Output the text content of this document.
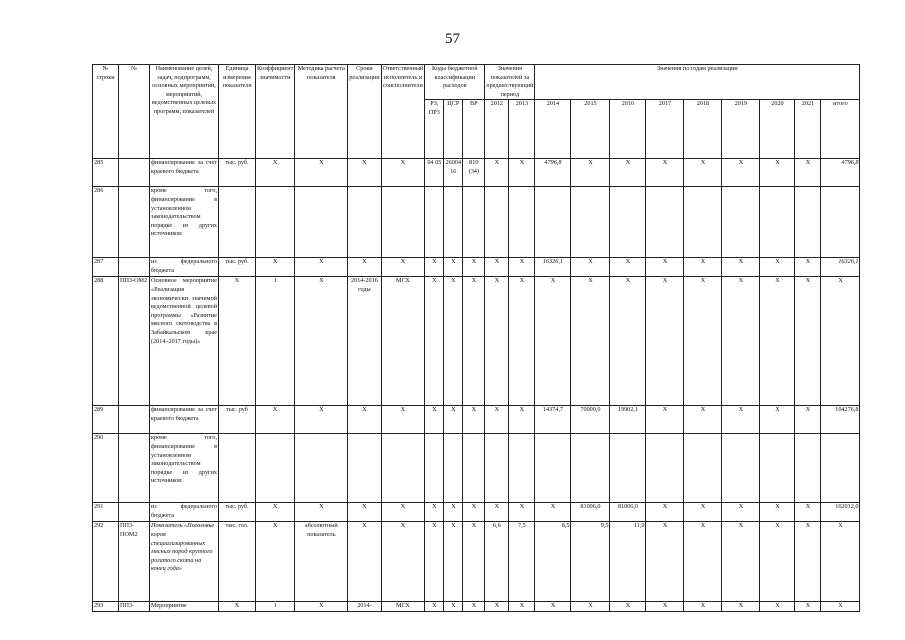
57
№ строки	№	Наименование целей, задач, подпрограмм, основных мероприятий, мероприятий, ведомственных целевых программ, показателей	Единица измерения показателя	Коэффициент значимости	Методика расчета показателя	Сроки реализации	Ответственный исполнитель и соисполнители	Коды бюджетной классификации расходов			Значения показателей за предшествующий период		Значения по годам реализации								
								РЗ, ПР3	ЦСР	ВР	2012	2013	2014	2015	2016	2017	2018	2019	2020	2021	итого
285		финансирование за счет краевого бюджета	тыс. руб.	X	X	X	X	04 05	26004 16	810 (34)	X	X	4796,8	X	X	X	X	X	X	X	4796,8
286		кроме того, финансирование в установленном законодательством порядке из других источников:																			
287		из федерального бюджета	тыс. руб.	X	X	X	X	X	X	X	X	X	16326,1	X	X	X	X	X	X	X	16326,1
288	ПП3-ОМ2	Основное мероприятие «Реализация экономически значимой ведомственной целевой программы «Развитие мясного скотоводства в Забайкальском крае (2014–2017 годы)»	X	1	X	2014-2016 годы	МСХ	X	X	X	X	X	X	X	X	X	X	X	X	X	X
289		финансирование за счет краевого бюджета	тыс. руб	X	X	X	X	X	X	X	X	X	14374,7	70000,0	19902,1	X	X	X	X	X	104276,8
290		кроме того, финансирование в установленном законодательством порядке из других источников:																			
291		из федерального бюджета	тыс. руб.	X	X	X	X	X	X	X	X	X	X	81006,0	81006,0	X	X	X	X	X	162012,0
292	ПП3-ПОМ2	Показатель «Поголовье коров специализированных мясных пород крупного рогатого скота на конец года»	тыс. гол.	X	абсолютный показатель	X	X	X	X	X	6,6	7,5	8,5	9,5	11,0	X	X	X	X	X	X
293	ПП3-	Мероприятие	X	1	X	2014-	МСХ	X	X	X	X	X	X	X	X	X	X	X	X	X	X
